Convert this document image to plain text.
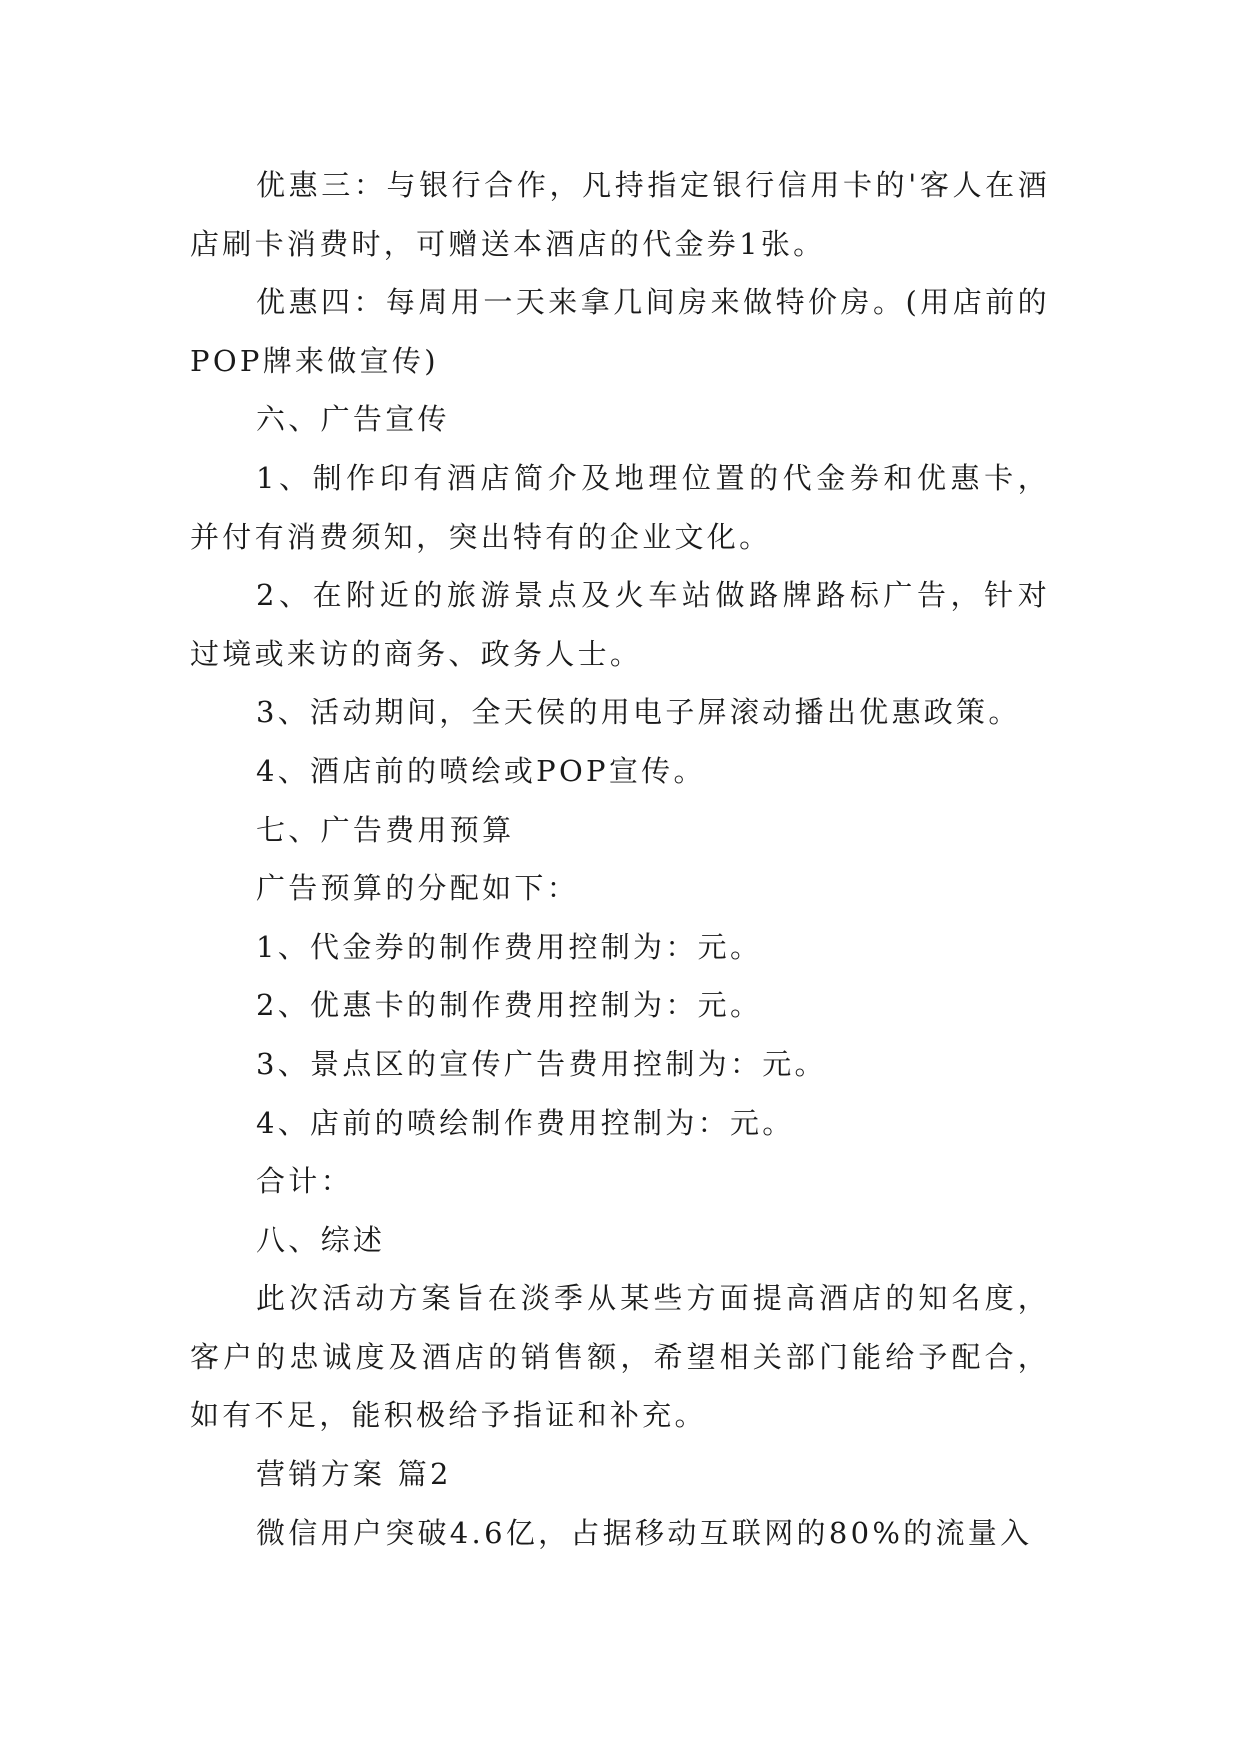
优惠三：与银行合作，凡持指定银行信用卡的'客人在酒店刷卡消费时，可赠送本酒店的代金券1张。

优惠四：每周用一天来拿几间房来做特价房。(用店前的POP牌来做宣传)

六、广告宣传

1、制作印有酒店简介及地理位置的代金券和优惠卡，并付有消费须知，突出特有的企业文化。

2、在附近的旅游景点及火车站做路牌路标广告，针对过境或来访的商务、政务人士。

3、活动期间，全天侯的用电子屏滚动播出优惠政策。

4、酒店前的喷绘或POP宣传。

七、广告费用预算

广告预算的分配如下：

1、代金券的制作费用控制为：元。

2、优惠卡的制作费用控制为：元。

3、景点区的宣传广告费用控制为：元。

4、店前的喷绘制作费用控制为：元。

合计：

八、综述

此次活动方案旨在淡季从某些方面提高酒店的知名度，客户的忠诚度及酒店的销售额，希望相关部门能给予配合，如有不足，能积极给予指证和补充。

营销方案 篇2

微信用户突破4.6亿，占据移动互联网的80%的流量入
